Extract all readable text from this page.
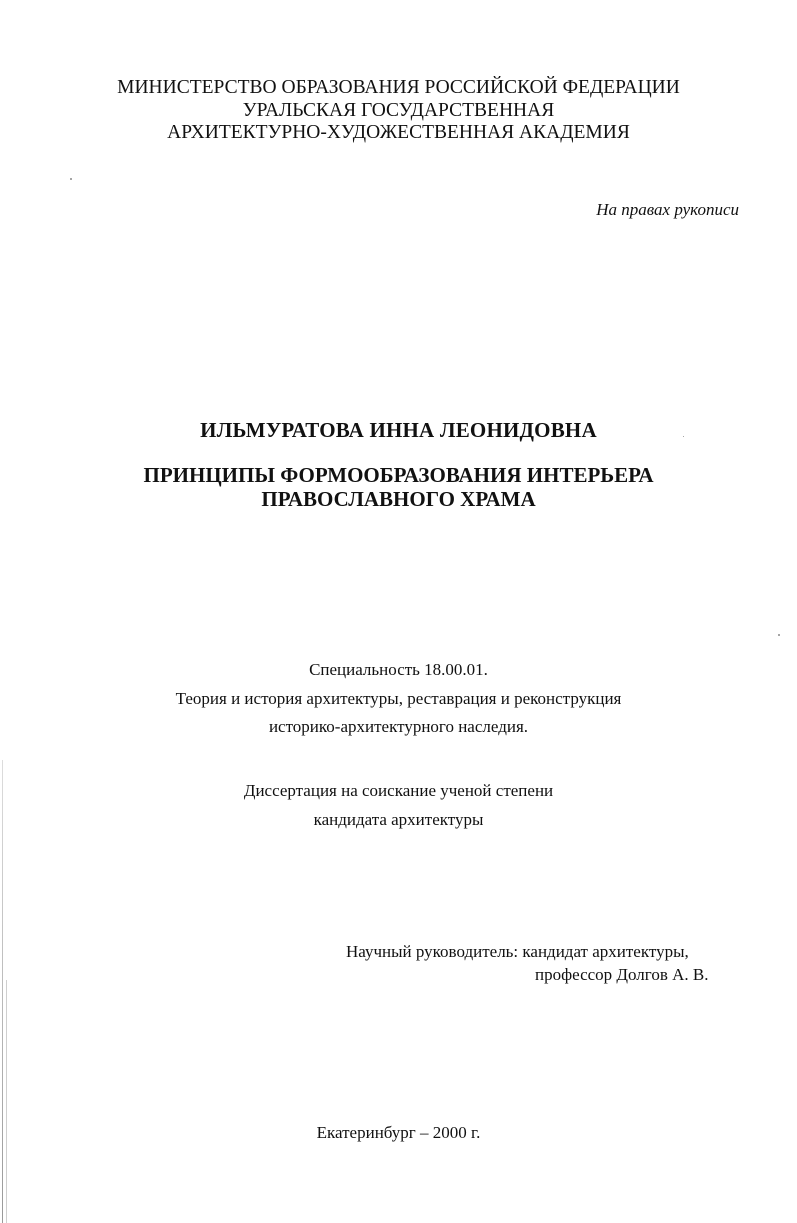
МИНИСТЕРСТВО ОБРАЗОВАНИЯ РОССИЙСКОЙ ФЕДЕРАЦИИ
УРАЛЬСКАЯ ГОСУДАРСТВЕННАЯ
АРХИТЕКТУРНО-ХУДОЖЕСТВЕННАЯ АКАДЕМИЯ
На правах рукописи
ИЛЬМУРАТОВА ИННА ЛЕОНИДОВНА
ПРИНЦИПЫ ФОРМООБРАЗОВАНИЯ ИНТЕРЬЕРА
ПРАВОСЛАВНОГО ХРАМА
Специальность 18.00.01.
Теория и история архитектуры, реставрация и реконструкция
историко-архитектурного наследия.
Диссертация на соискание ученой степени
кандидата архитектуры
Научный руководитель: кандидат архитектуры,
профессор Долгов А. В.
Екатеринбург – 2000 г.
